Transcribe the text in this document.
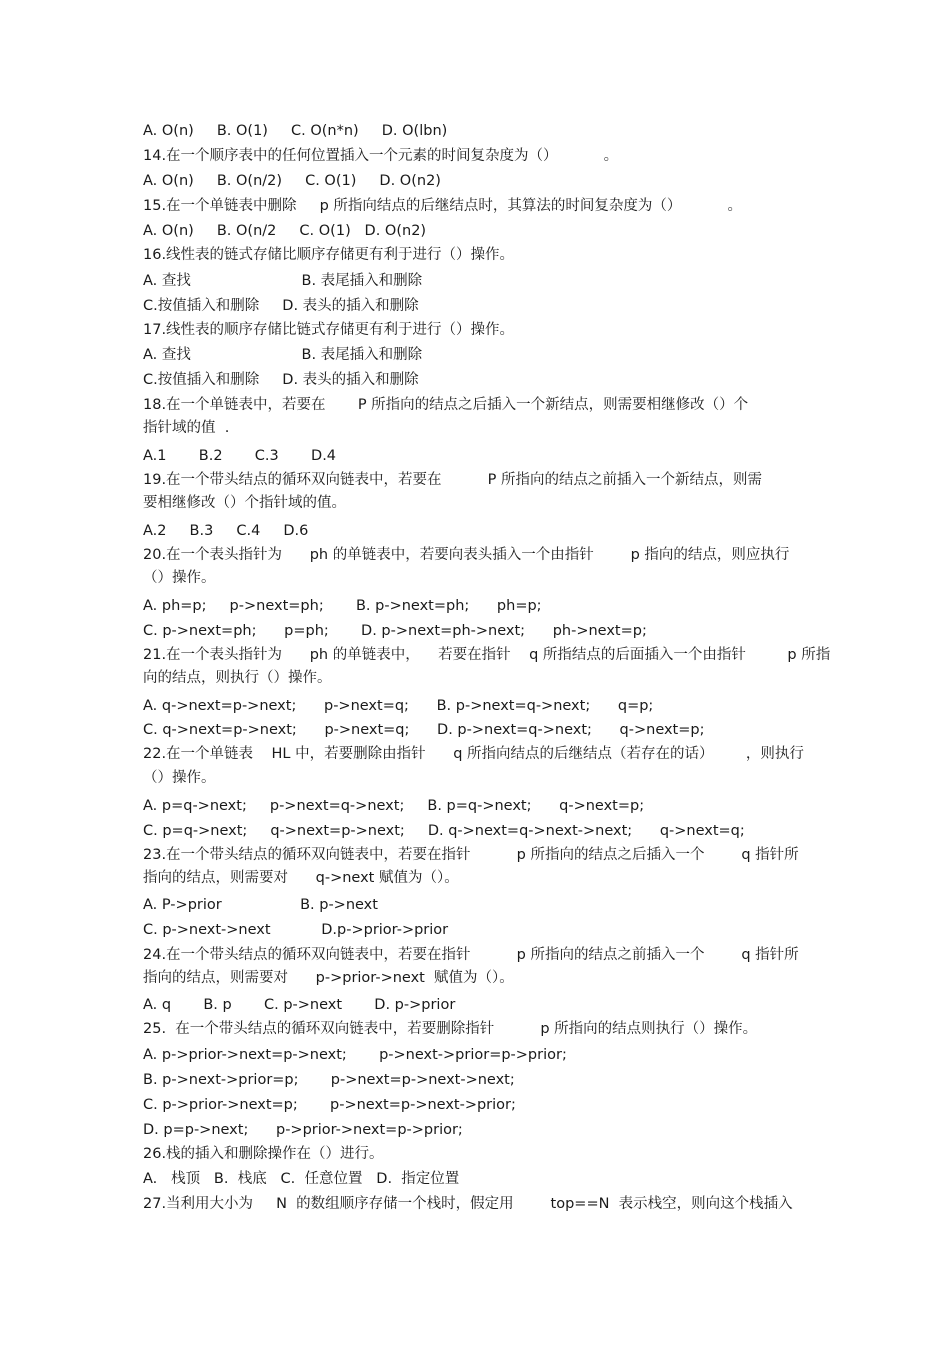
A. O(n)     B. O(1)     C. O(n*n)     D. O(lbn)
14.在一个顺序表中的任何位置插入一个元素的时间复杂度为（）          。
A. O(n)     B. O(n/2)     C. O(1)     D. O(n2)
15.在一个单链表中删除     p 所指向结点的后继结点时，其算法的时间复杂度为（）          。
A. O(n)     B. O(n/2     C. O(1)   D. O(n2)
16.线性表的链式存储比顺序存储更有利于进行（）操作。
A. 查找                        B. 表尾插入和删除
C.按值插入和删除     D. 表头的插入和删除
17.线性表的顺序存储比链式存储更有利于进行（）操作。
A. 查找                        B. 表尾插入和删除
C.按值插入和删除     D. 表头的插入和删除
18.在一个单链表中，若要在       P 所指向的结点之后插入一个新结点，则需要相继修改（）个
指针域的值  .
A.1       B.2       C.3       D.4
19.在一个带头结点的循环双向链表中，若要在          P 所指向的结点之前插入一个新结点，则需
要相继修改（）个指针域的值。
A.2     B.3     C.4     D.6
20.在一个表头指针为      ph 的单链表中，若要向表头插入一个由指针        p 指向的结点，则应执行
（）操作。
A. ph=p;     p->next=ph;       B. p->next=ph;      ph=p;
C. p->next=ph;      p=ph;       D. p->next=ph->next;      ph->next=p;
21.在一个表头指针为      ph 的单链表中，    若要在指针    q 所指结点的后面插入一个由指针         p 所指
向的结点，则执行（）操作。
A. q->next=p->next;      p->next=q;      B. p->next=q->next;      q=p;
C. q->next=p->next;      p->next=q;      D. p->next=q->next;      q->next=p;
22.在一个单链表    HL 中，若要删除由指针      q 所指向结点的后继结点（若存在的话）       ，则执行
（）操作。
A. p=q->next;     p->next=q->next;     B. p=q->next;      q->next=p;
C. p=q->next;     q->next=p->next;     D. q->next=q->next->next;      q->next=q;
23.在一个带头结点的循环双向链表中，若要在指针          p 所指向的结点之后插入一个        q 指针所
指向的结点，则需要对      q->next 赋值为（）。
A. P->prior                 B. p->next
C. p->next->next           D.p->prior->prior
24.在一个带头结点的循环双向链表中，若要在指针          p 所指向的结点之前插入一个        q 指针所
指向的结点，则需要对      p->prior->next  赋值为（）。
A. q       B. p       C. p->next       D. p->prior
25.  在一个带头结点的循环双向链表中，若要删除指针          p 所指向的结点则执行（）操作。
A. p->prior->next=p->next;       p->next->prior=p->prior;
B. p->next->prior=p;       p->next=p->next->next;
C. p->prior->next=p;       p->next=p->next->prior;
D. p=p->next;      p->prior->next=p->prior;
26.栈的插入和删除操作在（）进行。
A.   栈顶   B.  栈底   C.  任意位置   D.  指定位置
27.当利用大小为     N  的数组顺序存储一个栈时，假定用        top==N  表示栈空，则向这个栈插入
